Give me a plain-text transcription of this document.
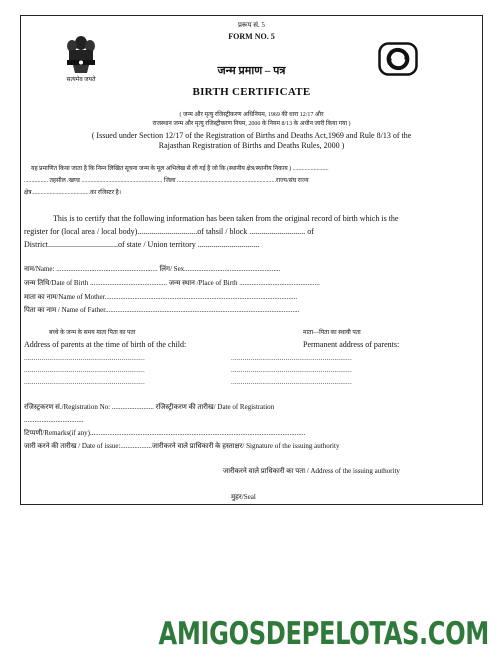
प्ररूप सं. 5
FORM NO. 5
सत्यमेव जयते
जन्म प्रमाण – पत्र
BIRTH CERTIFICATE
( जन्म और मृत्यु रजिस्ट्रीकरण अधिनियम, 1969 की धारा 12/17 और
राजस्थान जन्म और मृत्यु रजिस्ट्रीकरण नियम, 2000 के नियम 8/13 के अधीन जारी किया गया )
( Issued under Section 12/17 of the Registration of Births and Deaths Act,1969 and Rule 8/13 of the
Rajasthan Registration of Births and Deaths Rules, 2000 )
यह प्रमाणित किया जाता है कि निम्न लिखित सूचना जन्म के मूल अभिलेख से ली गई है जो कि (स्थानीय क्षेत्र/स्थानीय निकाय ) ........................
................ तहसील /खण्ड ...................................................... जिला ..................................................................राज्य/संघ राज्य
क्षेत्र.......................................का रजिस्टर है।
This is to certify that the following information has been taken from the original record of birth which is the
register for (local area / local body)..............................of tahsil / block ............................ of
District...................................of state / Union territory ...............................
नाम/Name: .......................................................... लिंग/ Sex.......................................................
जन्म तिथि/Date of Birth ............................................ जन्म स्थान /Place of Birth ..............................................
माता का नाम/Name of Mother..............................................................................................................
पिता का नाम / Name of Father...............................................................................................................
बच्चे के जन्म के समय माता पिता का पता	माता—पिता का स्थायी पता
Address of parents at the time of birth of the child:	Permanent address of parents:
..............................................................	..............................................................
..............................................................	..............................................................
..............................................................	..............................................................
रजिस्ट्रकरण सं./Registration No: ........................ रजिस्ट्रीकरण की तारीख/ Date of Registration
..................................
टिप्पणी/Remarks(if any)...........................................................................................................................
जारी करने की तारीख / Date of issue:..................जारीकरने वाले प्राधिकारी के हस्ताक्षर/ Signature of the issuing authority
जारीकरने वाले प्राधिकारी का पता / Address of the issuing authority
मुहर/Seal
AMIGOSDEPELOTAS.COM
